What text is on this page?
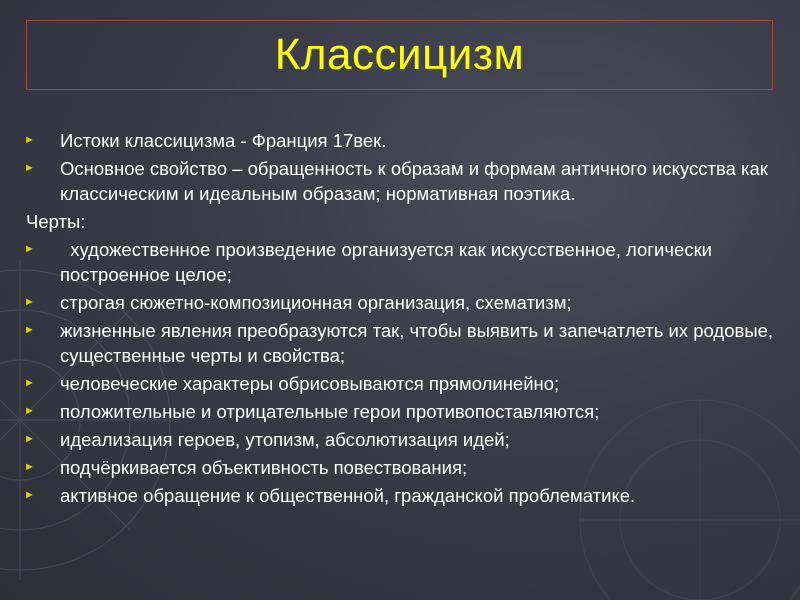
Классицизм
►	Истоки классицизма - Франция 17век.
►	Основное свойство – обращенность к образам и формам античного искусства как классическим и идеальным образам; нормативная поэтика.
Черты:
►	художественное произведение организуется как искусственное, логически построенное целое;
►	строгая сюжетно-композиционная организация, схематизм;
►	жизненные явления преобразуются так, чтобы выявить и запечатлеть их родовые, существенные черты и свойства;
►	человеческие характеры обрисовываются прямолинейно;
►	положительные и отрицательные герои противопоставляются;
►	идеализация героев, утопизм, абсолютизация идей;
►	подчёркивается объективность повествования;
►	активное обращение к общественной, гражданской проблематике.
